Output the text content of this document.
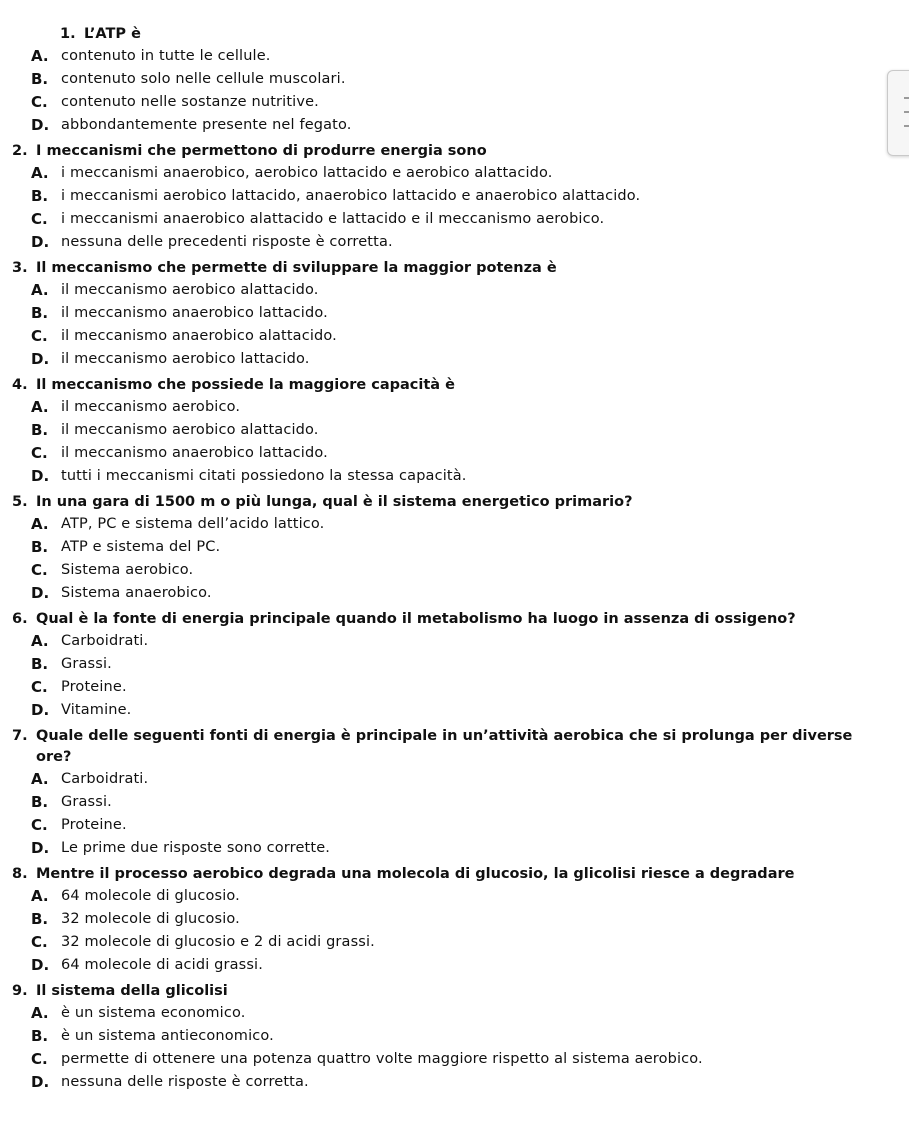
1. L’ATP è
A. contenuto in tutte le cellule.
B. contenuto solo nelle cellule muscolari.
C. contenuto nelle sostanze nutritive.
D. abbondantemente presente nel fegato.
2. I meccanismi che permettono di produrre energia sono
A. i meccanismi anaerobico, aerobico lattacido e aerobico alattacido.
B. i meccanismi aerobico lattacido, anaerobico lattacido e anaerobico alattacido.
C. i meccanismi anaerobico alattacido e lattacido e il meccanismo aerobico.
D. nessuna delle precedenti risposte è corretta.
3. Il meccanismo che permette di sviluppare la maggior potenza è
A. il meccanismo aerobico alattacido.
B. il meccanismo anaerobico lattacido.
C. il meccanismo anaerobico alattacido.
D. il meccanismo aerobico lattacido.
4. Il meccanismo che possiede la maggiore capacità è
A. il meccanismo aerobico.
B. il meccanismo aerobico alattacido.
C. il meccanismo anaerobico lattacido.
D. tutti i meccanismi citati possiedono la stessa capacità.
5. In una gara di 1500 m o più lunga, qual è il sistema energetico primario?
A. ATP, PC e sistema dell’acido lattico.
B. ATP e sistema del PC.
C. Sistema aerobico.
D. Sistema anaerobico.
6. Qual è la fonte di energia principale quando il metabolismo ha luogo in assenza di ossigeno?
A. Carboidrati.
B. Grassi.
C. Proteine.
D. Vitamine.
7. Quale delle seguenti fonti di energia è principale in un’attività aerobica che si prolunga per diverse ore?
A. Carboidrati.
B. Grassi.
C. Proteine.
D. Le prime due risposte sono corrette.
8. Mentre il processo aerobico degrada una molecola di glucosio, la glicolisi riesce a degradare
A. 64 molecole di glucosio.
B. 32 molecole di glucosio.
C. 32 molecole di glucosio e 2 di acidi grassi.
D. 64 molecole di acidi grassi.
9. Il sistema della glicolisi
A. è un sistema economico.
B. è un sistema antieconomico.
C. permette di ottenere una potenza quattro volte maggiore rispetto al sistema aerobico.
D. nessuna delle risposte è corretta.
